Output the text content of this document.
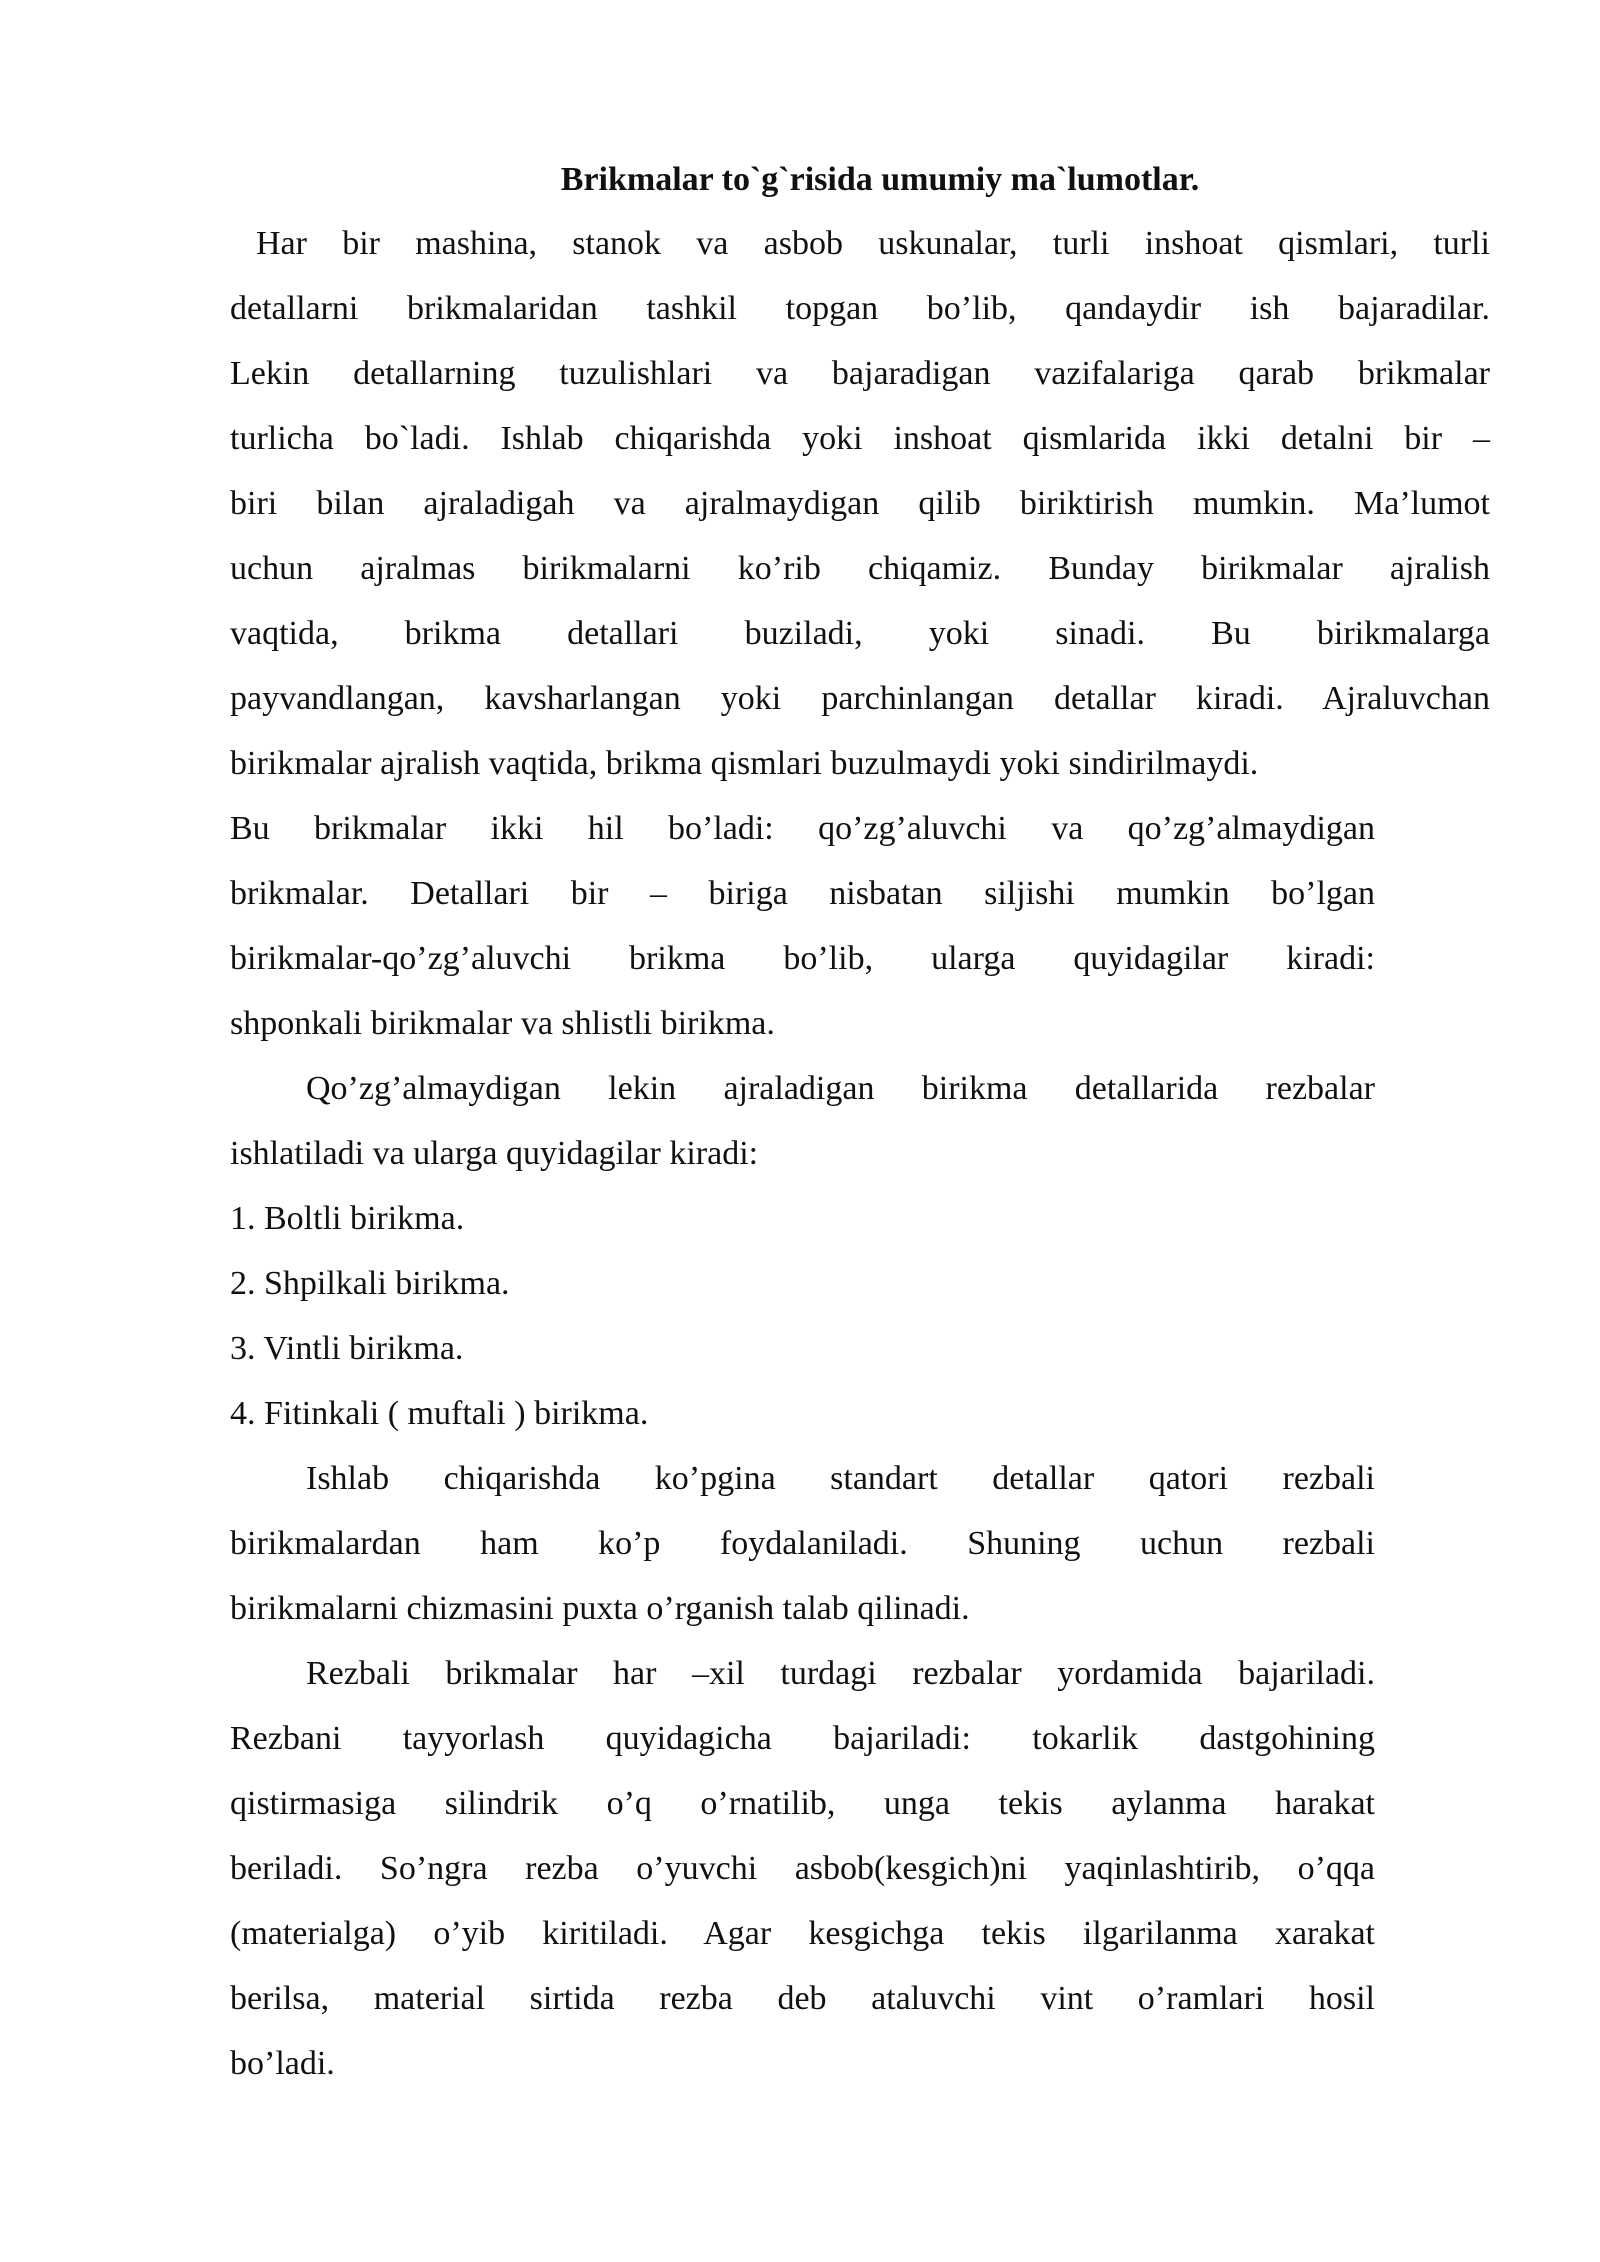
Brikmalar to`g`risida umumiy ma`lumotlar.
Har bir mashina, stanok va asbob uskunalar, turli inshoat qismlari, turli
detallarni brikmalaridan tashkil topgan bo’lib, qandaydir ish bajaradilar.
Lekin detallarning tuzulishlari va bajaradigan vazifalariga qarab brikmalar
turlicha bo`ladi. Ishlab chiqarishda yoki inshoat qismlarida ikki detalni bir –
biri bilan ajraladigah va ajralmaydigan qilib biriktirish mumkin. Ma’lumot
uchun ajralmas birikmalarni ko’rib chiqamiz. Bunday birikmalar ajralish
vaqtida, brikma detallari buziladi, yoki sinadi. Bu birikmalarga
payvandlangan, kavsharlangan yoki parchinlangan detallar kiradi. Ajraluvchan
birikmalar ajralish vaqtida, brikma qismlari buzulmaydi yoki sindirilmaydi.
Bu brikmalar ikki hil bo’ladi: qo’zg’aluvchi va qo’zg’almaydigan
brikmalar. Detallari bir – biriga nisbatan siljishi mumkin bo’lgan
birikmalar-qo’zg’aluvchi brikma bo’lib, ularga quyidagilar kiradi:
shponkali birikmalar va shlistli birikma.
Qo’zg’almaydigan lekin ajraladigan birikma detallarida rezbalar
ishlatiladi va ularga quyidagilar kiradi:
1. Boltli birikma.
2. Shpilkali birikma.
3. Vintli birikma.
4. Fitinkali ( muftali ) birikma.
Ishlab chiqarishda ko’pgina standart detallar qatori rezbali
birikmalardan ham ko’p foydalaniladi. Shuning uchun rezbali
birikmalarni chizmasini puxta o’rganish talab qilinadi.
Rezbali brikmalar har –xil turdagi rezbalar yordamida bajariladi.
Rezbani tayyorlash quyidagicha bajariladi: tokarlik dastgohining
qistirmasiga silindrik o’q o’rnatilib, unga tekis aylanma harakat
beriladi. So’ngra rezba o’yuvchi asbob(kesgich)ni yaqinlashtirib, o’qqa
(materialga) o’yib kiritiladi. Agar kesgichga tekis ilgarilanma xarakat
berilsa, material sirtida rezba deb ataluvchi vint o’ramlari hosil
bo’ladi.
